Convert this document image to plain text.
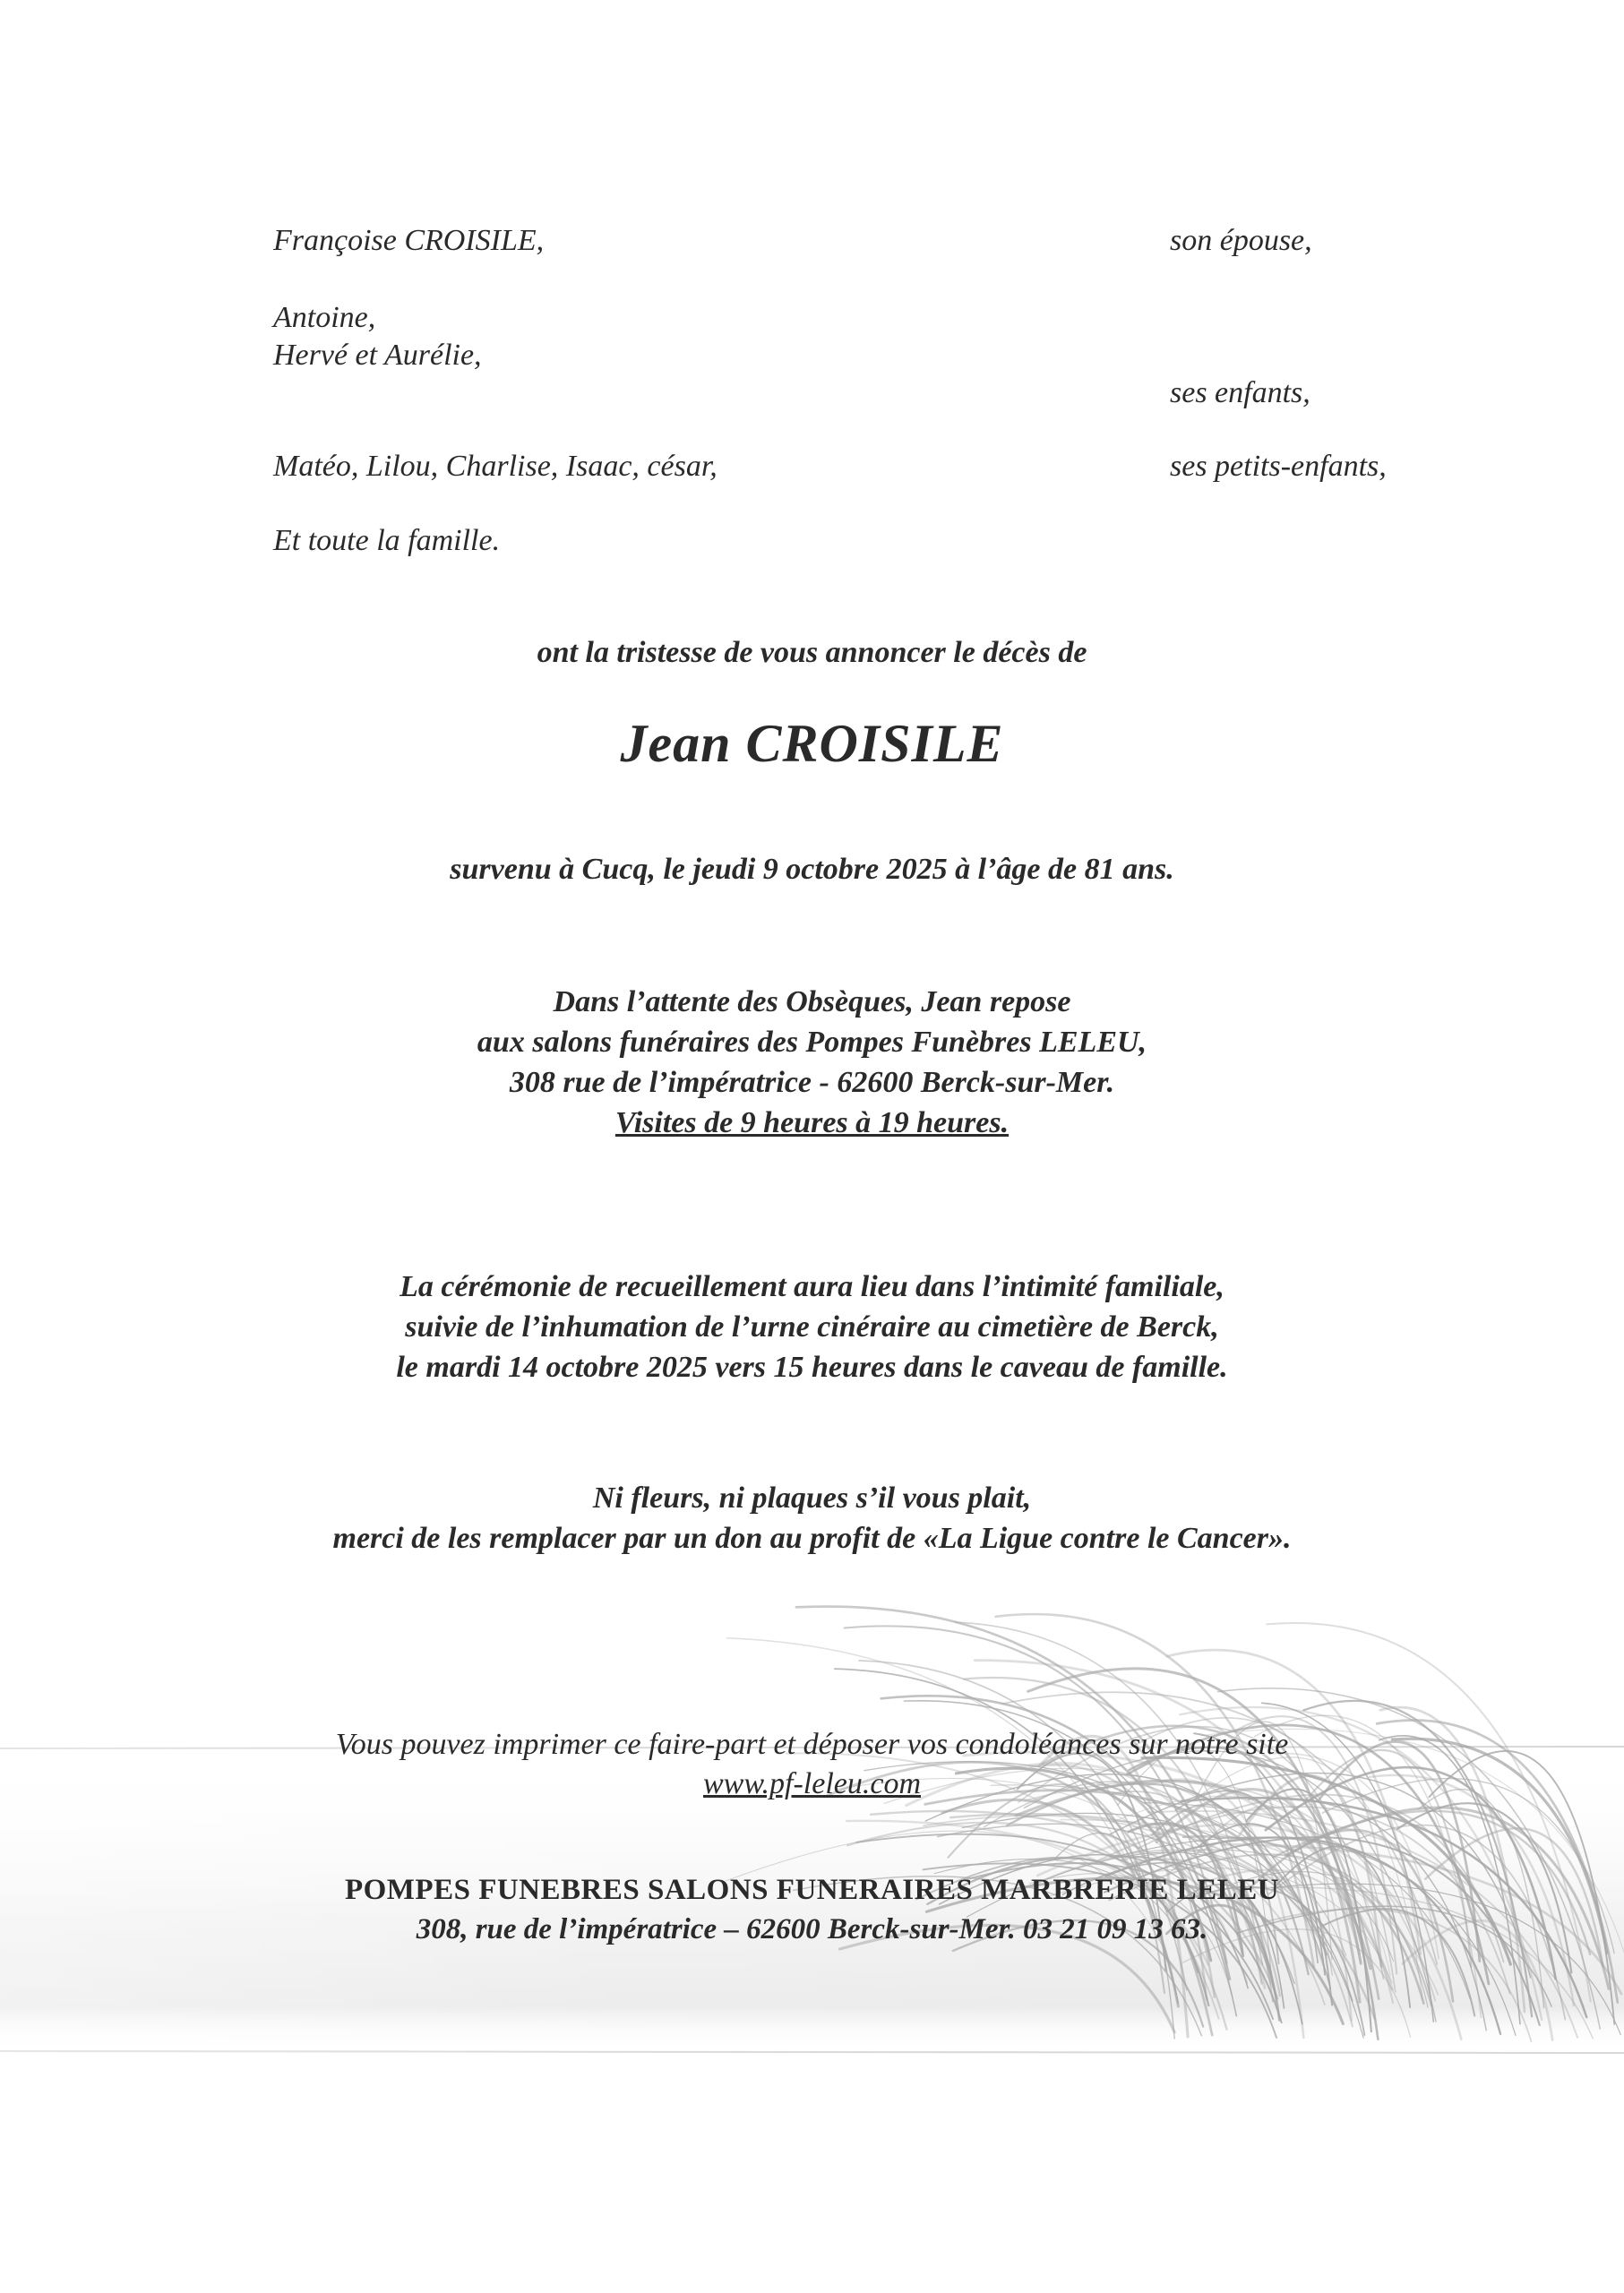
Françoise CROISILE,	son épouse,
Antoine,
Hervé et Aurélie,
ses enfants,
Matéo, Lilou, Charlise, Isaac, césar,	ses petits-enfants,
Et toute la famille.
ont la tristesse de vous annoncer le décès de
Jean CROISILE
survenu à Cucq, le jeudi 9 octobre 2025 à l’âge de 81 ans.
Dans l’attente des Obsèques, Jean repose
aux salons funéraires des Pompes Funèbres LELEU,
308 rue de l’impératrice - 62600 Berck-sur-Mer.
Visites de 9 heures à 19 heures.
La cérémonie de recueillement aura lieu dans l’intimité familiale,
suivie de l’inhumation de l’urne cinéraire au cimetière de Berck,
le mardi 14 octobre 2025 vers 15 heures dans le caveau de famille.
Ni fleurs, ni plaques s’il vous plait,
merci de les remplacer par un don au profit de «La Ligue contre le Cancer».
Vous pouvez imprimer ce faire-part et déposer vos condoléances sur notre site
www.pf-leleu.com
POMPES FUNEBRES SALONS FUNERAIRES MARBRERIE LELEU
308, rue de l’impératrice – 62600 Berck-sur-Mer. 03 21 09 13 63.
